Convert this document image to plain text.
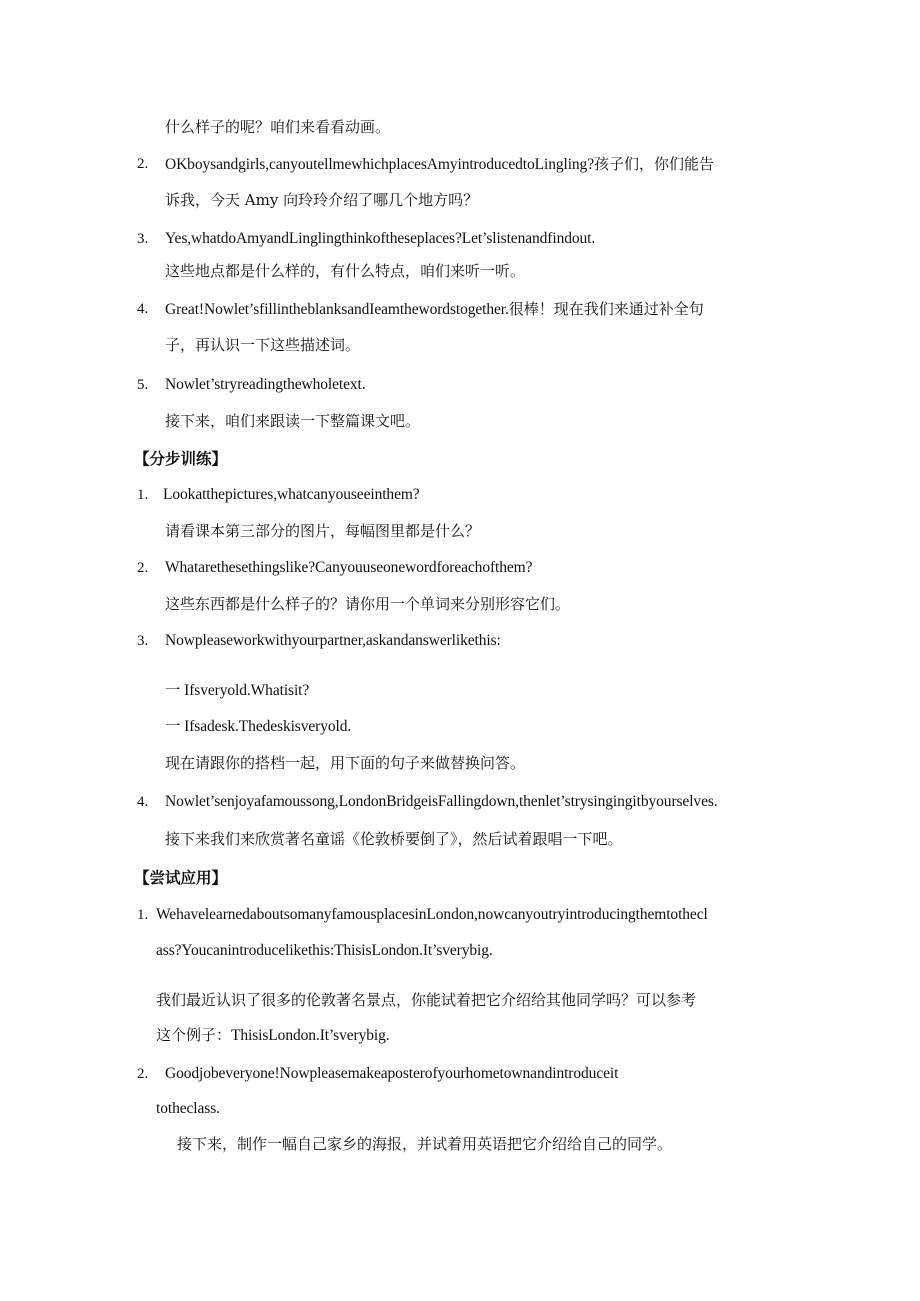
什么样子的呢？咱们来看看动画。
2. OKboysandgirls,canyoutellmewhichplacesAmyintroducedtoLingling?孩子们，你们能告
诉我，今天 Amy 向玲玲介绍了哪几个地方吗？
3. Yes,whatdoAmyandLinglingthinkoftheseplaces?Let’slistenandfindout.
这些地点都是什么样的，有什么特点，咱们来听一听。
4. Great!Nowlet’sfillintheblanksandIeamthewordstogether.很棒！现在我们来通过补全句
子，再认识一下这些描述词。
5. Nowlet’stryreadingthewholetext.
接下来，咱们来跟读一下整篇课文吧。
【分步训练】
1. Lookatthepictures,whatcanyouseeinthem?
请看课本第三部分的图片，每幅图里都是什么？
2. Whatarethesethingslike?Canyouuseonewordforeachofthem?
这些东西都是什么样子的？请你用一个单词来分别形容它们。
3. Nowpleaseworkwithyourpartner,askandanswerlikethis:
一 Ifsveryold.Whatisit?
一 Ifsadesk.Thedeskisveryold.
现在请跟你的搭档一起，用下面的句子来做替换问答。
4. Nowlet’senjoyafamoussong,LondonBridgeisFallingdown,thenlet’strysingingitbyourselves.
接下来我们来欣赏著名童谣《伦敦桥要倒了》，然后试着跟唱一下吧。
【尝试应用】
1. WehavelearnedaboutsomanyfamousplacesinLondon,nowcanyoutryintroducingthemtothecl
ass?Youcanintroducelikethis:ThisisLondon.It’sverybig.
我们最近认识了很多的伦敦著名景点，你能试着把它介绍给其他同学吗？可以参考
这个例子：ThisisLondon.It’sverybig.
2. Goodjobeveryone!Nowpleasemakeaposterofyourhometownandintroduceit
totheclass.
接下来，制作一幅自己家乡的海报，并试着用英语把它介绍给自己的同学。
